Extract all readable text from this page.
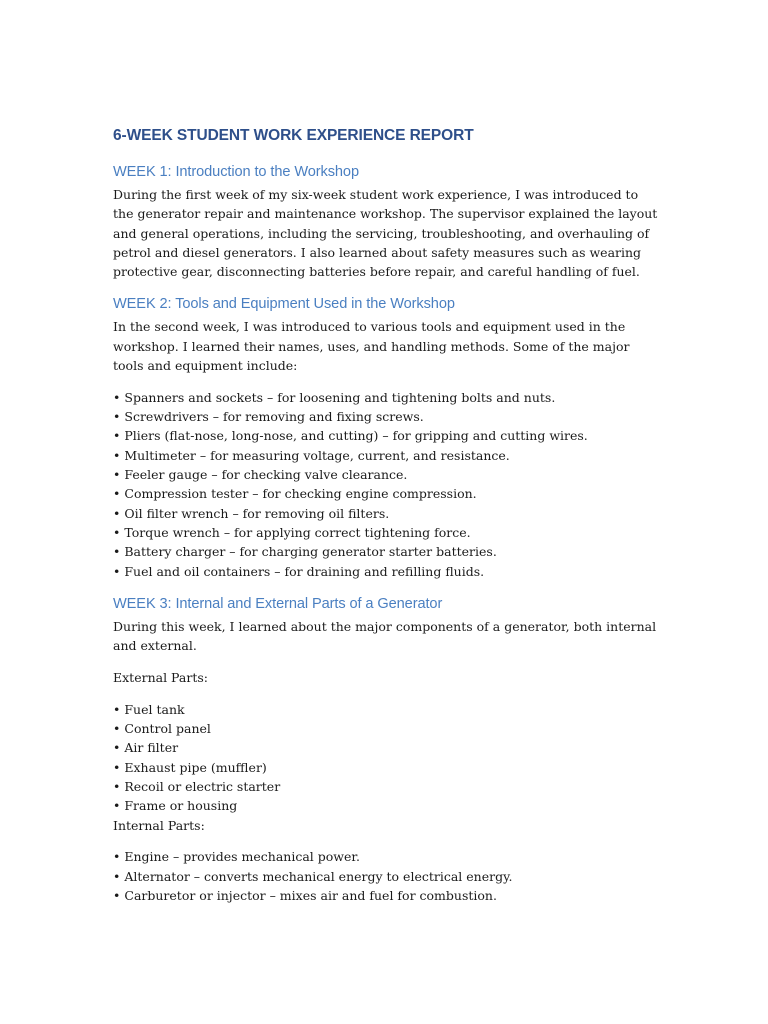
6-WEEK STUDENT WORK EXPERIENCE REPORT
WEEK 1: Introduction to the Workshop

During the first week of my six-week student work experience, I was introduced to the generator repair and maintenance workshop. The supervisor explained the layout and general operations, including the servicing, troubleshooting, and overhauling of petrol and diesel generators. I also learned about safety measures such as wearing protective gear, disconnecting batteries before repair, and careful handling of fuel.

WEEK 2: Tools and Equipment Used in the Workshop

In the second week, I was introduced to various tools and equipment used in the workshop. I learned their names, uses, and handling methods. Some of the major tools and equipment include:

• Spanners and sockets – for loosening and tightening bolts and nuts.
• Screwdrivers – for removing and fixing screws.
• Pliers (flat-nose, long-nose, and cutting) – for gripping and cutting wires.
• Multimeter – for measuring voltage, current, and resistance.
• Feeler gauge – for checking valve clearance.
• Compression tester – for checking engine compression.
• Oil filter wrench – for removing oil filters.
• Torque wrench – for applying correct tightening force.
• Battery charger – for charging generator starter batteries.
• Fuel and oil containers – for draining and refilling fluids.
WEEK 3: Internal and External Parts of a Generator

During this week, I learned about the major components of a generator, both internal and external.

External Parts:

• Fuel tank
• Control panel
• Air filter
• Exhaust pipe (muffler)
• Recoil or electric starter
• Frame or housing

Internal Parts:

• Engine – provides mechanical power.
• Alternator – converts mechanical energy to electrical energy.
• Carburetor or injector – mixes air and fuel for combustion.
